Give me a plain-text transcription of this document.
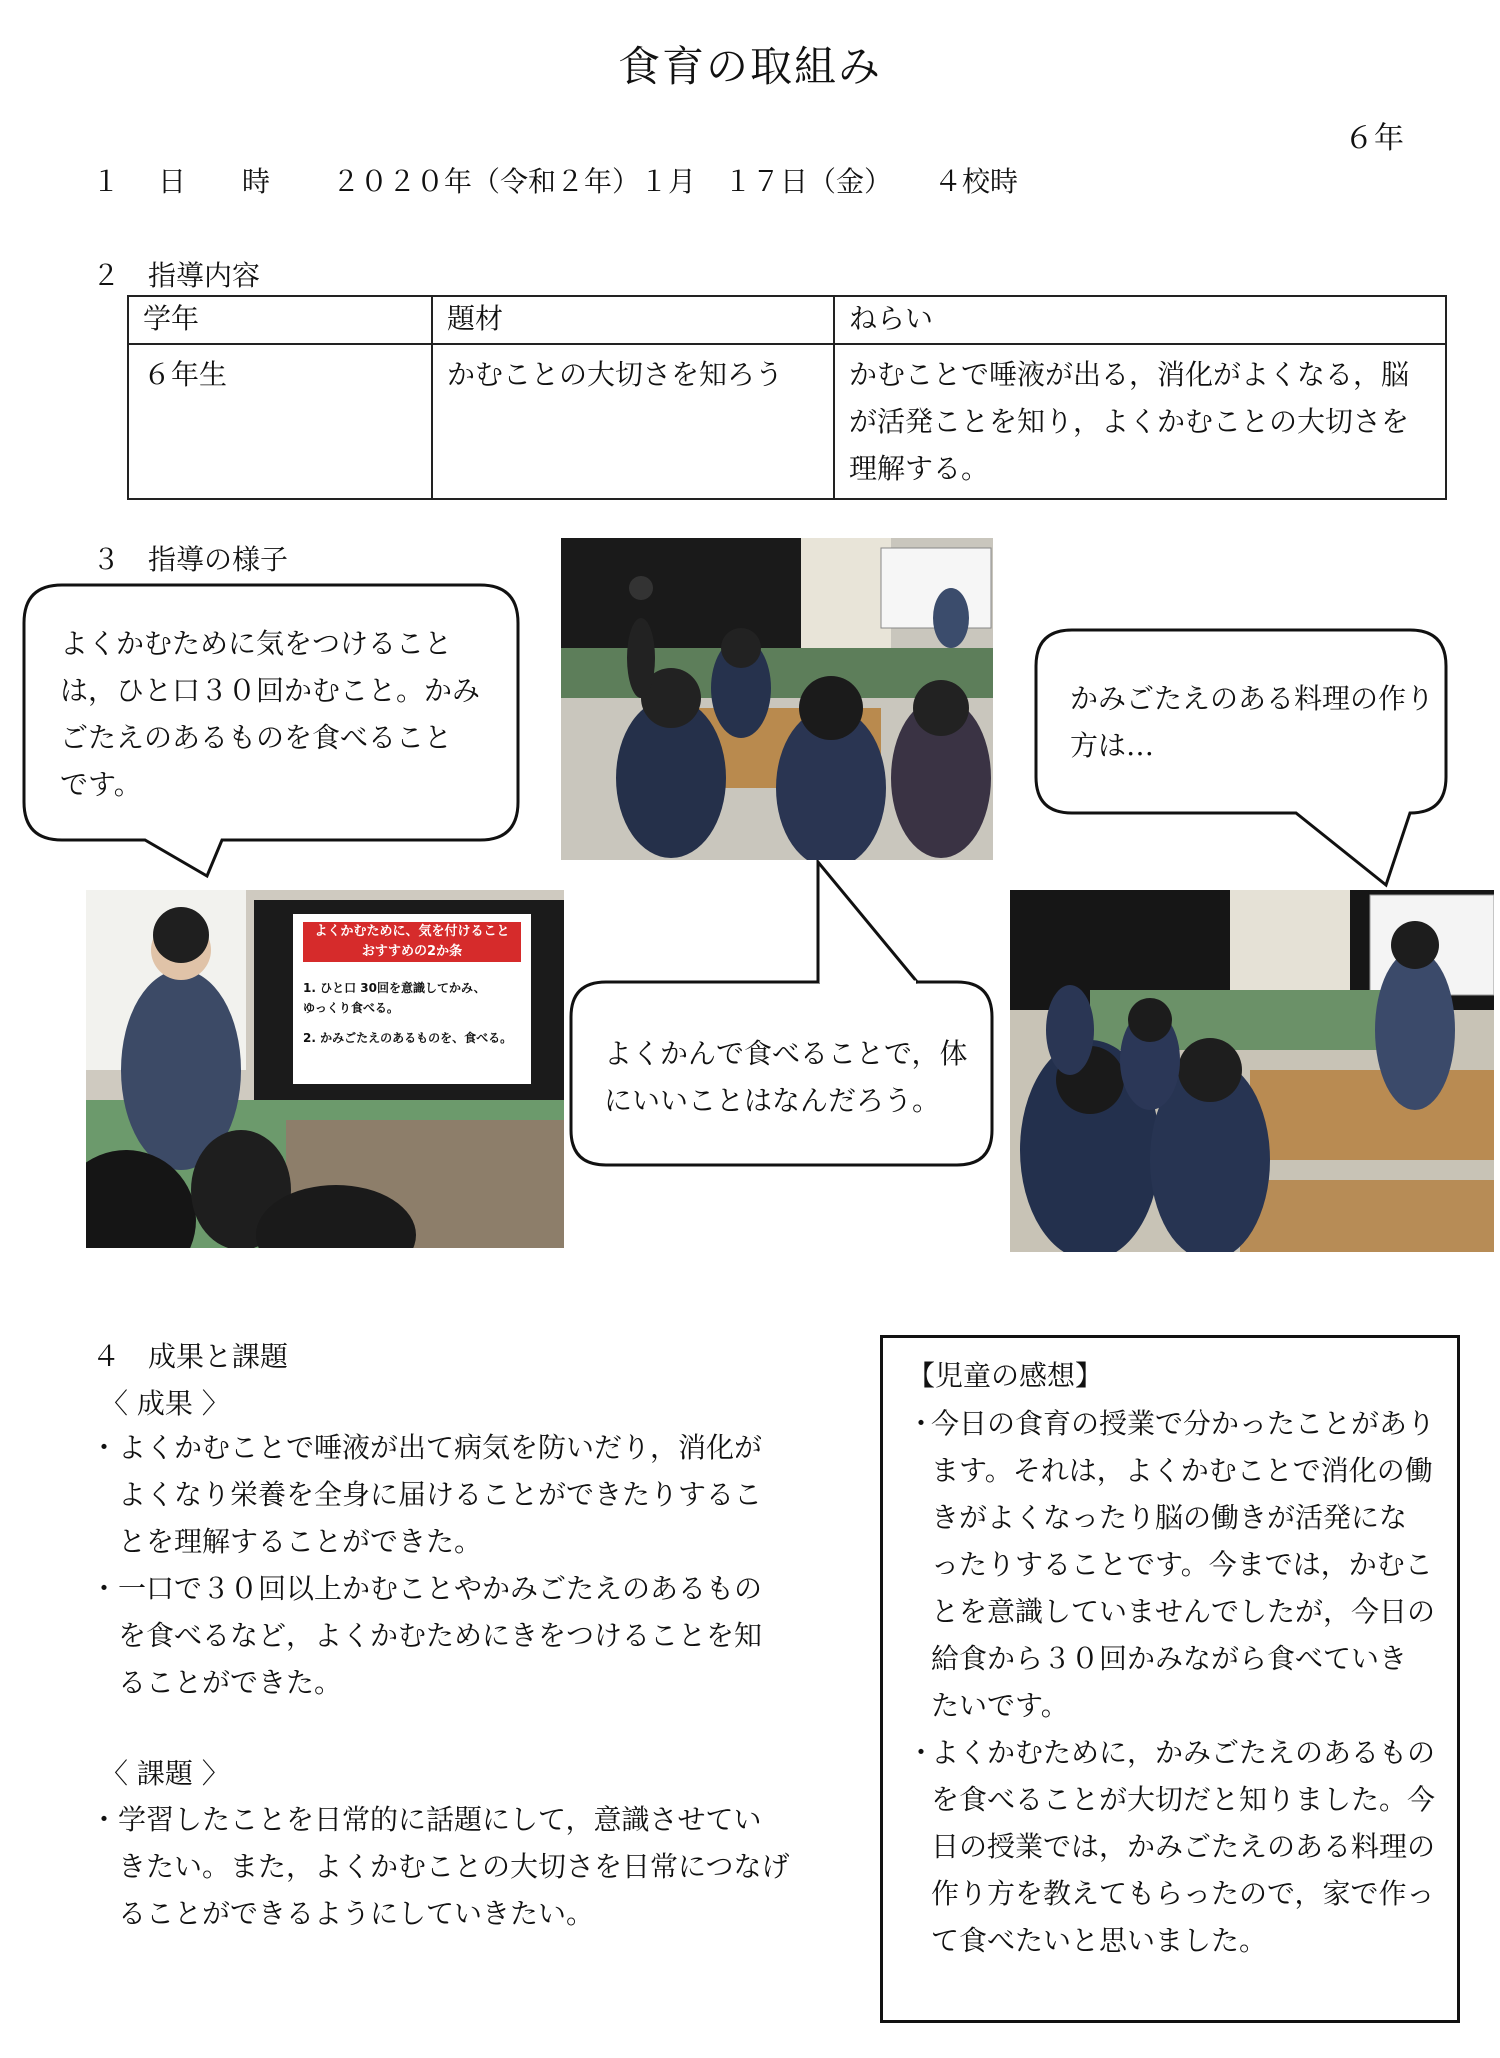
食育の取組み
６年
１ 日　　時 ２０２０年（令和２年）１月　１７日（金）　　４校時
２　指導内容
学年	題材	ねらい
６年生	かむことの大切さを知ろう	かむことで唾液が出る，消化がよくなる，脳
が活発ことを知り，よくかむことの大切さを
理解する。
３　指導の様子
よくかむために気をつけること
は，ひと口３０回かむこと。かみ
ごたえのあるものを食べること
です。
かみごたえのある料理の作り
方は…
よくかんで食べることで，体
にいいことはなんだろう。
よくかむために、気を付けること
おすすめの2か条
1. ひと口 30回を意識してかみ、
ゆっくり食べる。
2. かみごたえのあるものを、食べる。
４　成果と課題
〈 成果 〉
・ よくかむことで唾液が出て病気を防いだり，消化が
よくなり栄養を全身に届けることができたりするこ
とを理解することができた。
・ 一口で３０回以上かむことやかみごたえのあるもの
を食べるなど，よくかむためにきをつけることを知
ることができた。
〈 課題 〉
・ 学習したことを日常的に話題にして，意識させてい
きたい。また，よくかむことの大切さを日常につなげ
ることができるようにしていきたい。
【児童の感想】
・
今日の食育の授業で分かったことがあり
ます。それは，よくかむことで消化の働
きがよくなったり脳の働きが活発にな
ったりすることです。今までは，かむこ
とを意識していませんでしたが，今日の
給食から３０回かみながら食べていき
たいです。
・
よくかむために，かみごたえのあるもの
を食べることが大切だと知りました。今
日の授業では，かみごたえのある料理の
作り方を教えてもらったので，家で作っ
て食べたいと思いました。
